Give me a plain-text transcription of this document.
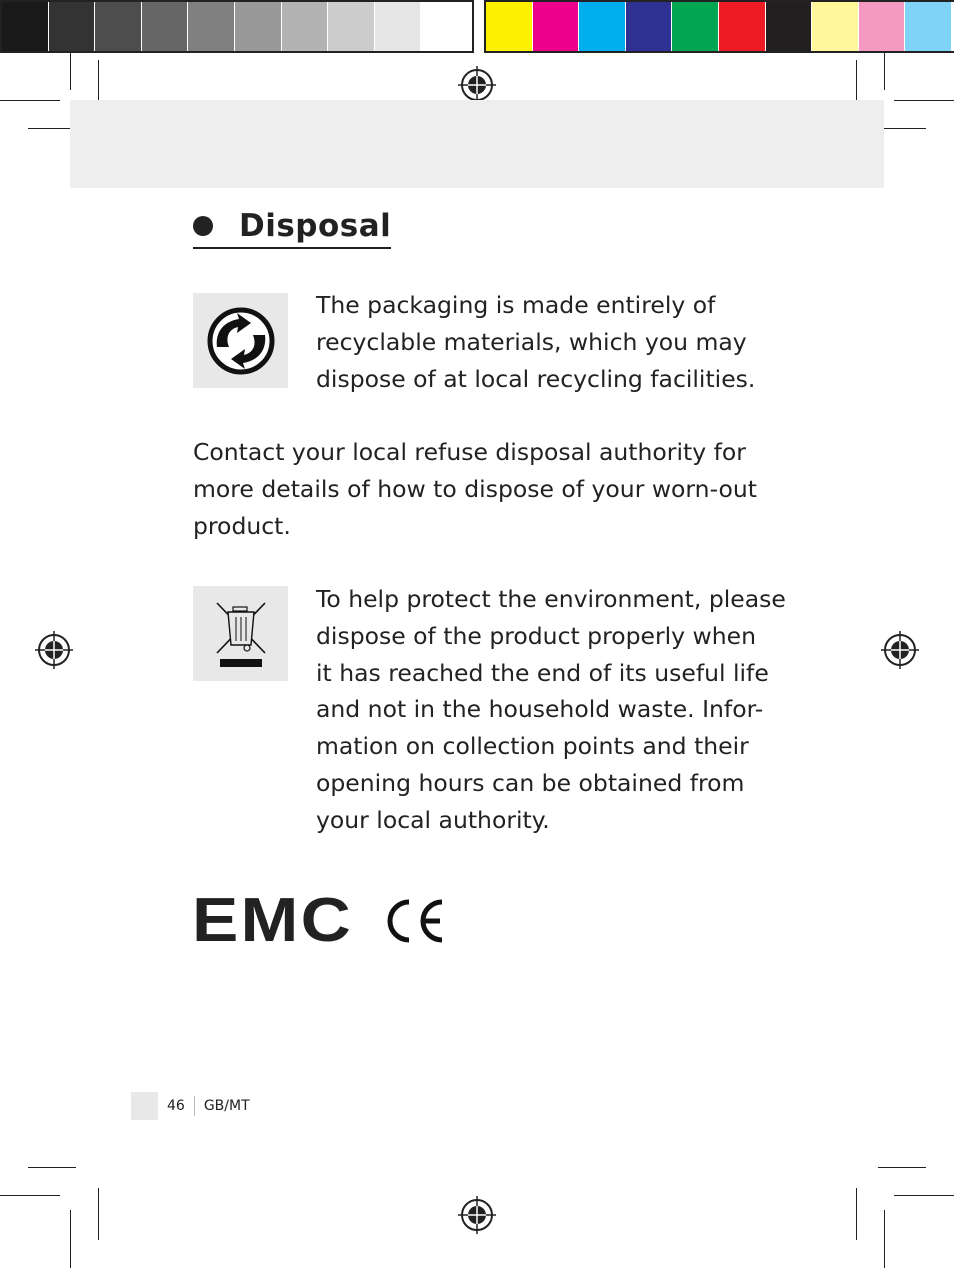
Disposal

The packaging is made entirely of
recyclable materials, which you may
dispose of at local recycling facilities.

Contact your local refuse disposal authority for
more details of how to dispose of your worn-out
product.

To help protect the environment, please
dispose of the product properly when
it has reached the end of its useful life
and not in the household waste. Infor-
mation on collection points and their
opening hours can be obtained from
your local authority.

EMC
46 GB/MT
